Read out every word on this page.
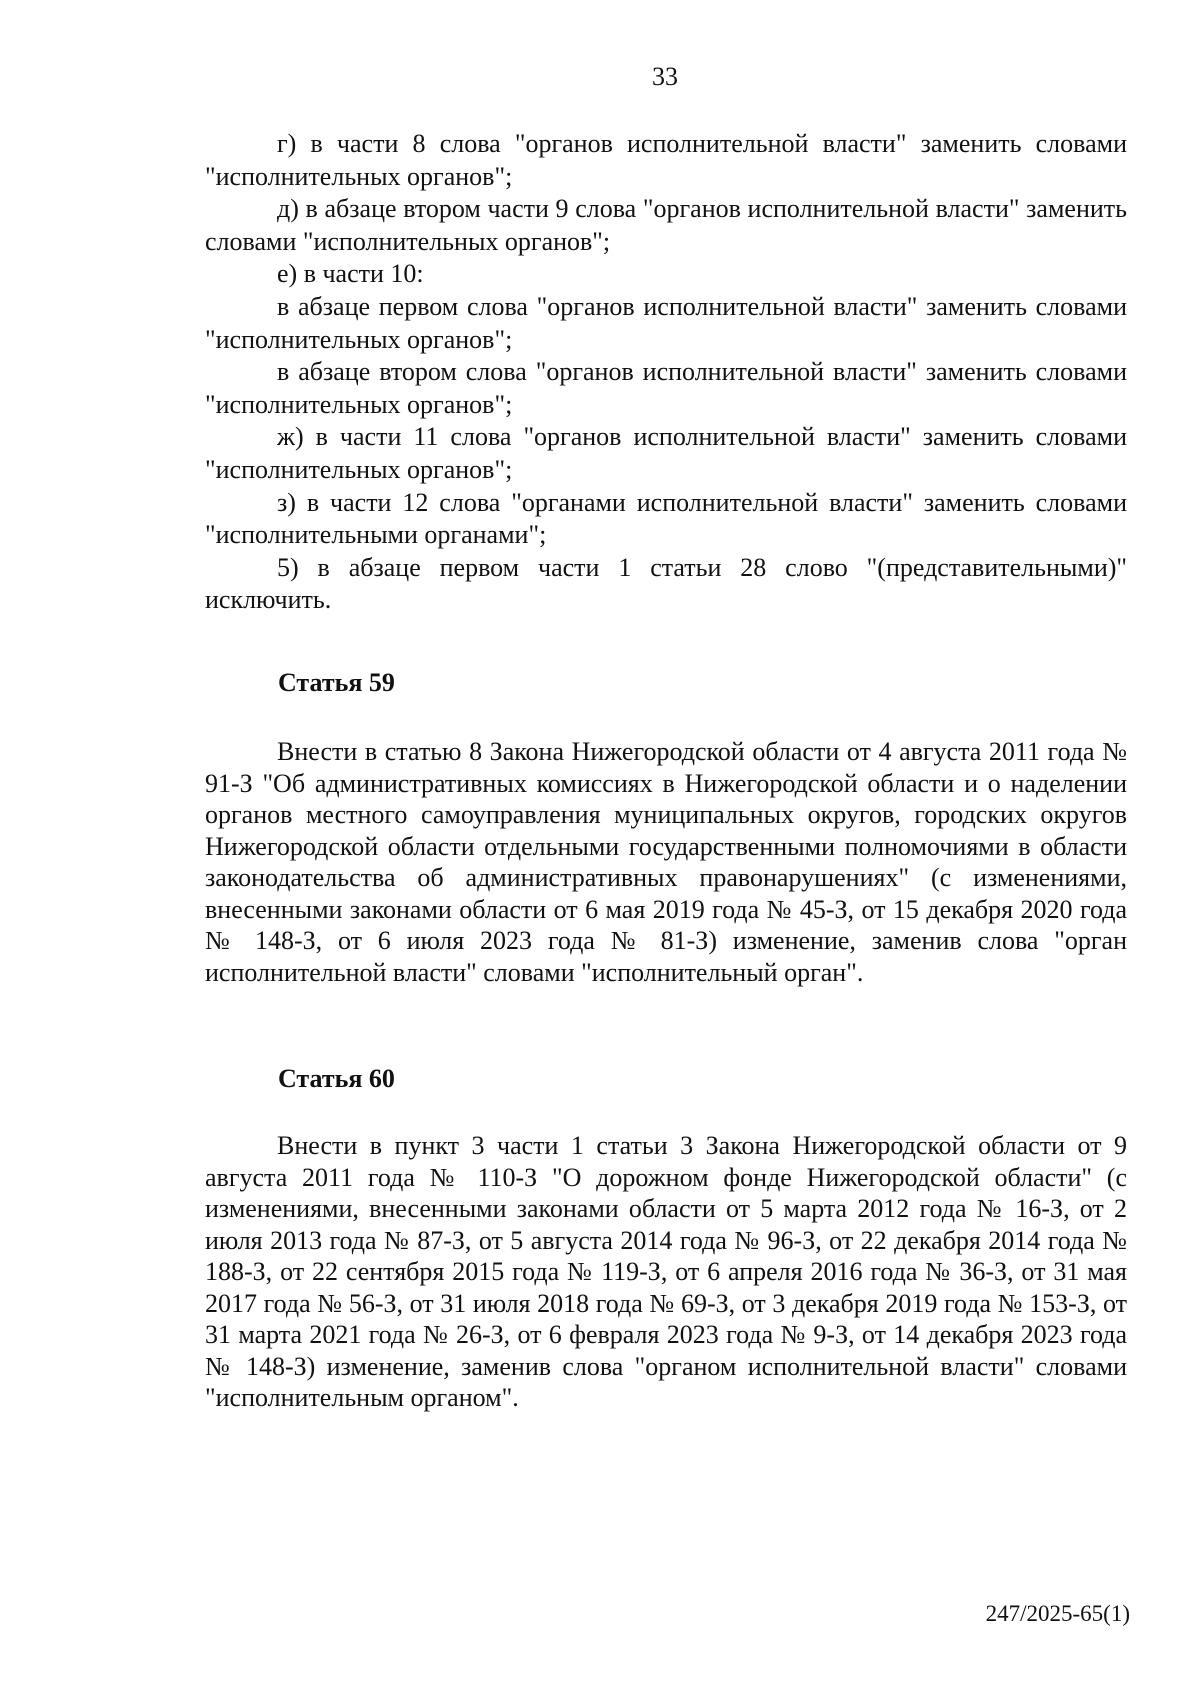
33

г) в части 8 слова "органов исполнительной власти" заменить словами "исполнительных органов";

д) в абзаце втором части 9 слова "органов исполнительной власти" заменить словами "исполнительных органов";

е) в части 10:

в абзаце первом слова "органов исполнительной власти" заменить словами "исполнительных органов";

в абзаце втором слова "органов исполнительной власти" заменить словами "исполнительных органов";

ж) в части 11 слова "органов исполнительной власти" заменить словами "исполнительных органов";

з) в части 12 слова "органами исполнительной власти" заменить словами "исполнительными органами";

5) в абзаце первом части 1 статьи 28 слово "(представительными)" исключить.

Статья 59

Внести в статью 8 Закона Нижегородской области от 4 августа 2011 года № 91-З "Об административных комиссиях в Нижегородской области и о наделении органов местного самоуправления муниципальных округов, городских округов Нижегородской области отдельными государственными полномочиями в области законодательства об административных правонарушениях" (с изменениями, внесенными законами области от 6 мая 2019 года № 45-З, от 15 декабря 2020 года № 148-З, от 6 июля 2023 года № 81-З) изменение, заменив слова "орган исполнительной власти" словами "исполнительный орган".

Статья 60

Внести в пункт 3 части 1 статьи 3 Закона Нижегородской области от 9 августа 2011 года № 110-З "О дорожном фонде Нижегородской области" (с изменениями, внесенными законами области от 5 марта 2012 года № 16-З, от 2 июля 2013 года № 87-З, от 5 августа 2014 года № 96-З, от 22 декабря 2014 года № 188-З, от 22 сентября 2015 года № 119-З, от 6 апреля 2016 года № 36-З, от 31 мая 2017 года № 56-З, от 31 июля 2018 года № 69-З, от 3 декабря 2019 года № 153-З, от 31 марта 2021 года № 26-З, от 6 февраля 2023 года № 9-З, от 14 декабря 2023 года № 148-З) изменение, заменив слова "органом исполнительной власти" словами "исполнительным органом".

247/2025-65(1)
